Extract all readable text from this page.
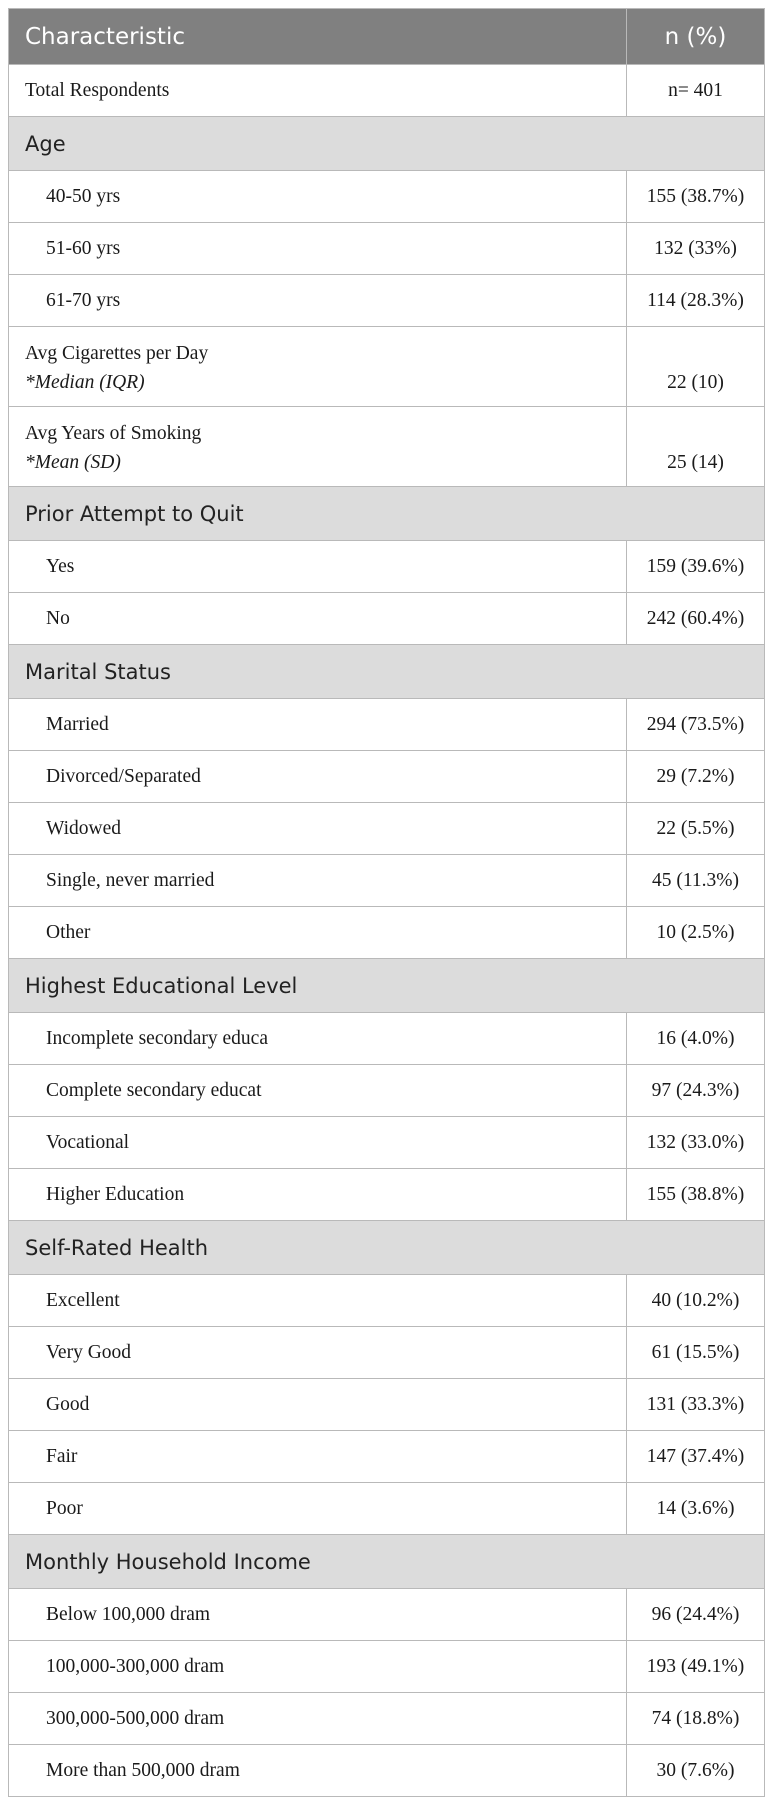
Characteristic	n (%)
Total Respondents	n= 401
Age	
40-50 yrs	155 (38.7%)
51-60 yrs	132 (33%)
61-70 yrs	114 (28.3%)

Avg Cigarettes per Day
*Median (IQR)	22 (10)

Avg Years of Smoking
*Mean (SD)	25 (14)
Prior Attempt to Quit	
Yes	159 (39.6%)
No	242 (60.4%)
Marital Status	
Married	294 (73.5%)
Divorced/Separated	29 (7.2%)
Widowed	22 (5.5%)
Single, never married	45 (11.3%)
Other	10 (2.5%)
Highest Educational Level	
Incomplete secondary educa	16 (4.0%)
Complete secondary educat	97 (24.3%)
Vocational	132 (33.0%)
Higher Education	155 (38.8%)
Self-Rated Health	
Excellent	40 (10.2%)
Very Good	61 (15.5%)
Good	131 (33.3%)
Fair	147 (37.4%)
Poor	14 (3.6%)
Monthly Household Income	
Below 100,000 dram	96 (24.4%)
100,000-300,000 dram	193 (49.1%)
300,000-500,000 dram	74 (18.8%)
More than 500,000 dram	30 (7.6%)
